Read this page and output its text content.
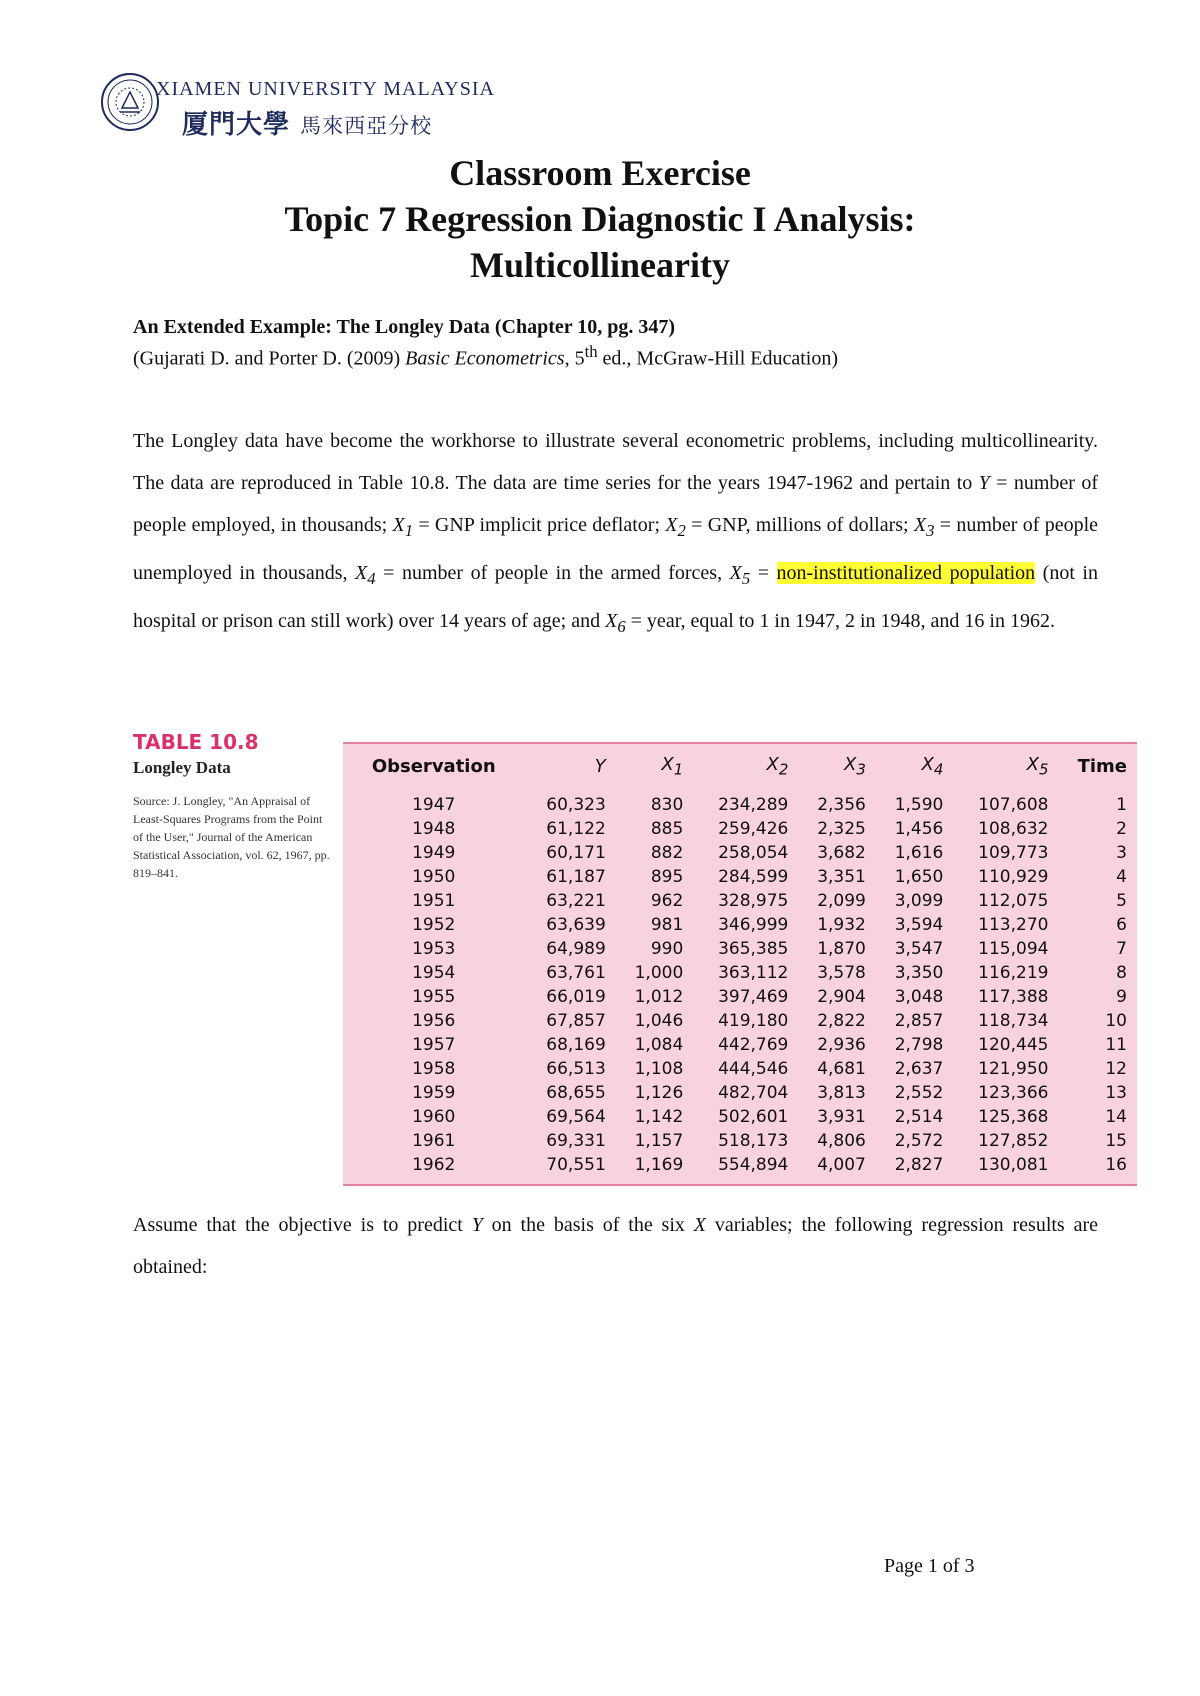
XIAMEN UNIVERSITY MALAYSIA
厦門大學 馬來西亞分校
Classroom Exercise
Topic 7 Regression Diagnostic I Analysis:
Multicollinearity
An Extended Example: The Longley Data (Chapter 10, pg. 347)
(Gujarati D. and Porter D. (2009) Basic Econometrics, 5th ed., McGraw-Hill Education)
The Longley data have become the workhorse to illustrate several econometric problems, including multicollinearity. The data are reproduced in Table 10.8. The data are time series for the years 1947-1962 and pertain to Y = number of people employed, in thousands; $X_1$ = GNP implicit price deflator; $X_2$ = GNP, millions of dollars; $X_3$ = number of people unemployed in thousands, $X_4$ = number of people in the armed forces, $X_5$ = non-institutionalized population (not in hospital or prison can still work) over 14 years of age; and $X_6$ = year, equal to 1 in 1947, 2 in 1948, and 16 in 1962.
TABLE 10.8
Longley Data
Source: J. Longley, "An Appraisal of Least-Squares Programs from the Point of the User," Journal of the American Statistical Association, vol. 62, 1967, pp. 819–841.
Observation	Y	$X_1$	$X_2$	$X_3$	$X_4$	$X_5$	Time
1947	60,323	830	234,289	2,356	1,590	107,608	1
1948	61,122	885	259,426	2,325	1,456	108,632	2
1949	60,171	882	258,054	3,682	1,616	109,773	3
1950	61,187	895	284,599	3,351	1,650	110,929	4
1951	63,221	962	328,975	2,099	3,099	112,075	5
1952	63,639	981	346,999	1,932	3,594	113,270	6
1953	64,989	990	365,385	1,870	3,547	115,094	7
1954	63,761	1,000	363,112	3,578	3,350	116,219	8
1955	66,019	1,012	397,469	2,904	3,048	117,388	9
1956	67,857	1,046	419,180	2,822	2,857	118,734	10
1957	68,169	1,084	442,769	2,936	2,798	120,445	11
1958	66,513	1,108	444,546	4,681	2,637	121,950	12
1959	68,655	1,126	482,704	3,813	2,552	123,366	13
1960	69,564	1,142	502,601	3,931	2,514	125,368	14
1961	69,331	1,157	518,173	4,806	2,572	127,852	15
1962	70,551	1,169	554,894	4,007	2,827	130,081	16
Assume that the objective is to predict Y on the basis of the six X variables; the following regression results are obtained:
Page 1 of 3
